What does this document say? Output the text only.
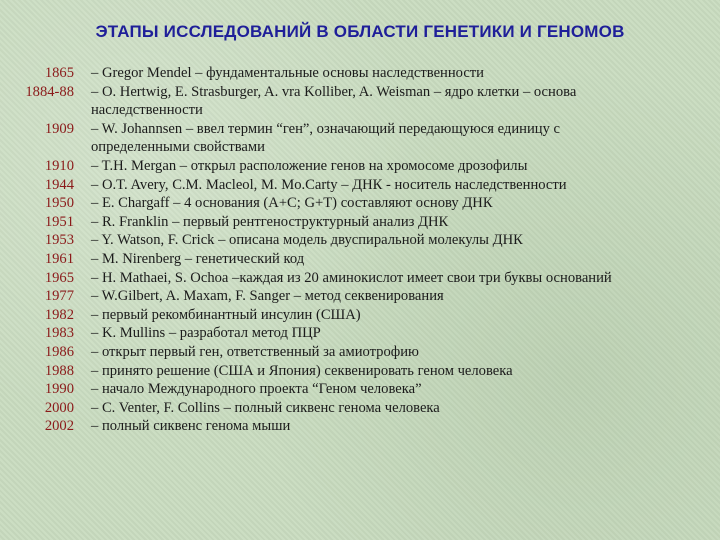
ЭТАПЫ ИССЛЕДОВАНИЙ В ОБЛАСТИ ГЕНЕТИКИ И ГЕНОМОВ
1865 – Gregor Mendel – фундаментальные основы наследственности
1884-88 – O. Hertwig, E. Strasburger, A. vra Kolliber, A. Weisman – ядро клетки – основа наследственности
1909 – W. Johannsen – ввел термин “ген”, означающий передающуюся единицу с определенными свойствами
1910 – T.H. Mergan – открыл расположение генов на хромосоме дрозофилы
1944 – O.T. Avery, C.M. Macleol, M. Mo.Carty – ДНК - носитель наследственности
1950 – E. Chargaff – 4 основания (A+C; G+T) составляют основу ДНК
1951 – R. Franklin – первый рентгеноструктурный анализ ДНК
1953 – Y. Watson, F. Crick – описана модель двуспиральной молекулы ДНК
1961 – M. Nirenberg – генетический код
1965 – H. Mathaei, S. Ochoa –каждая из 20 аминокислот имеет свои три буквы оснований
1977 – W.Gilbert, A. Maxam, F. Sanger – метод секвенирования
1982 – первый рекомбинантный инсулин (США)
1983 – K. Mullins – разработал метод ПЦР
1986 – открыт первый ген, ответственный за амиотрофию
1988 – принято решение (США и Япония) секвенировать геном человека
1990 – начало Международного проекта “Геном человека”
2000 – C. Venter, F. Collins – полный сиквенс генома человека
2002 – полный сиквенс генома мыши
